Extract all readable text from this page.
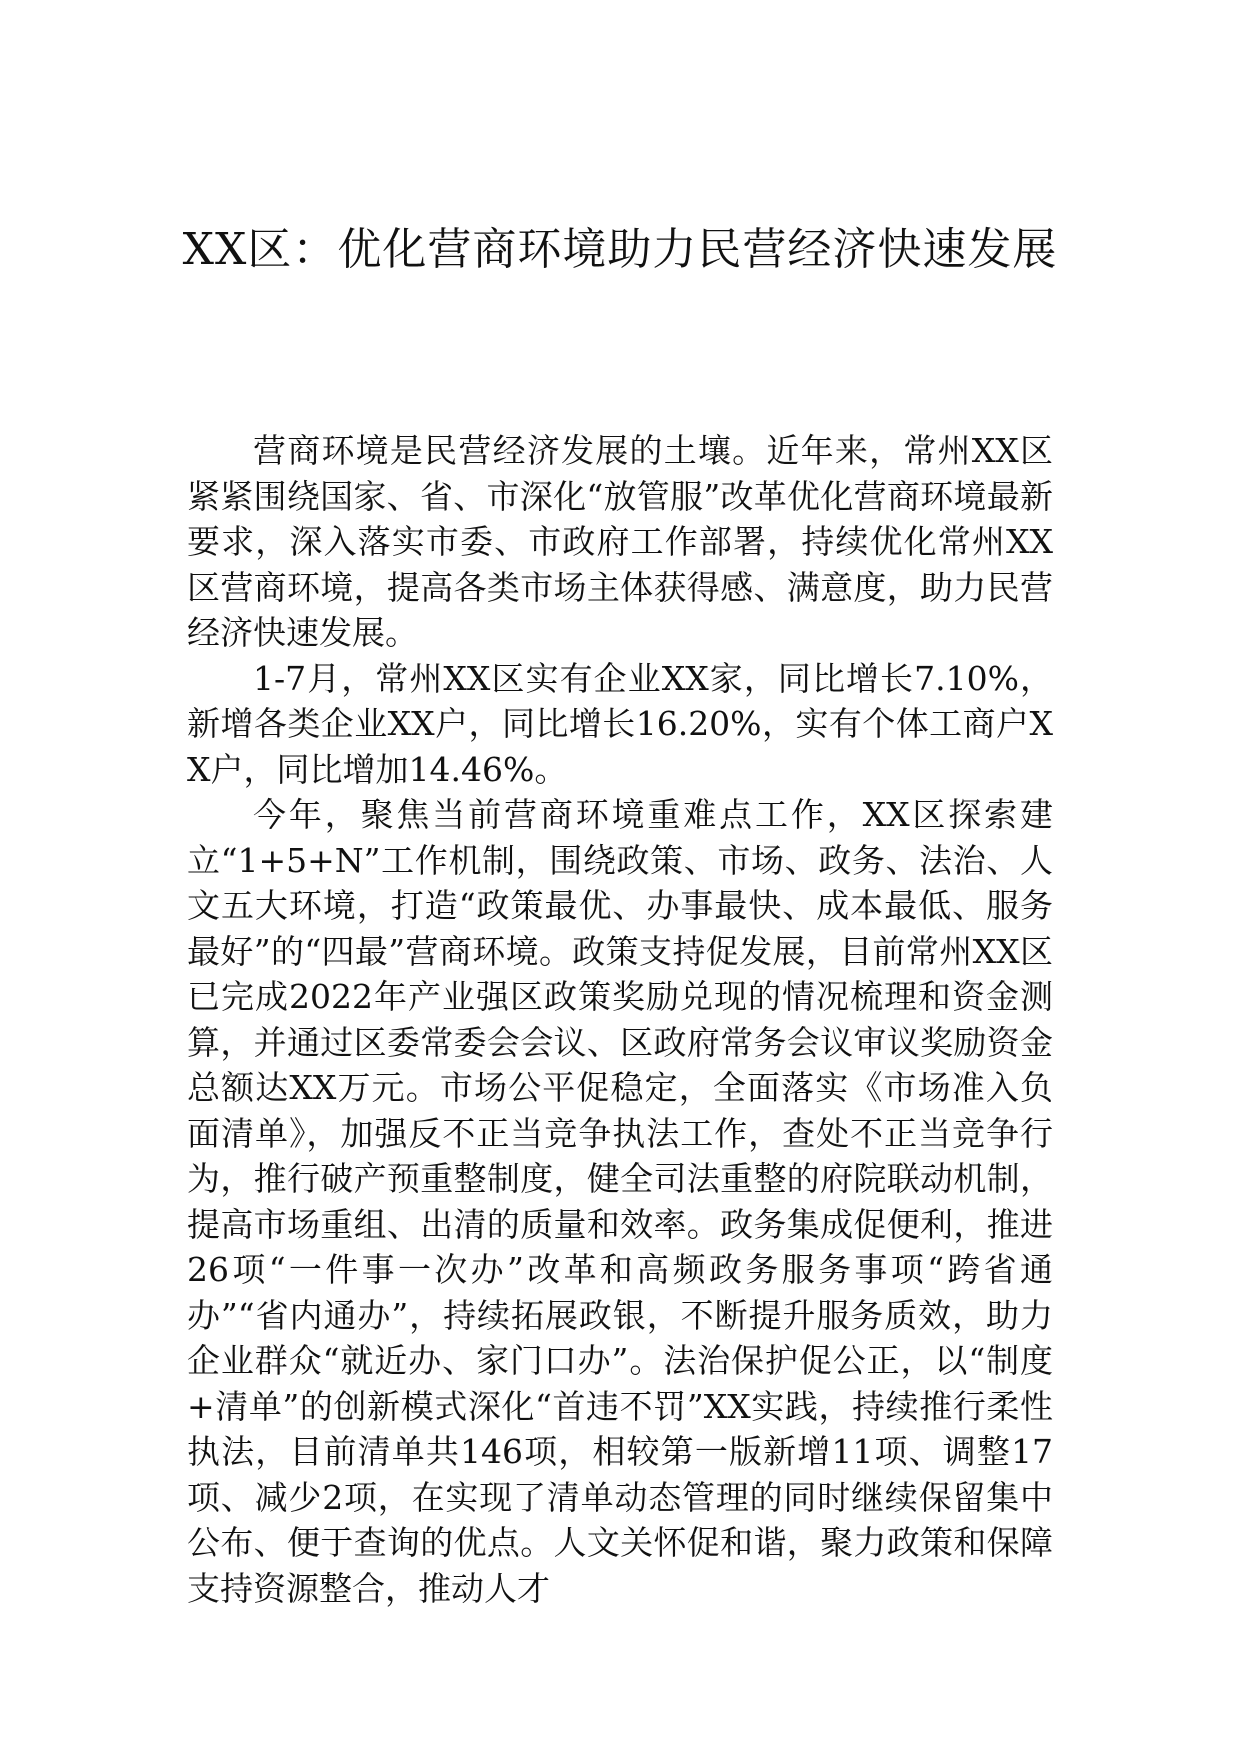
XX区：优化营商环境助力民营经济快速发展

营商环境是民营经济发展的土壤。近年来，常州XX区紧紧围绕国家、省、市深化“放管服”改革优化营商环境最新要求，深入落实市委、市政府工作部署，持续优化常州XX区营商环境，提高各类市场主体获得感、满意度，助力民营经济快速发展。

1-7月，常州XX区实有企业XX家，同比增长7.10%，新增各类企业XX户，同比增长16.20%，实有个体工商户XX户，同比增加14.46%。

今年，聚焦当前营商环境重难点工作，XX区探索建立“1+5+N”工作机制，围绕政策、市场、政务、法治、人文五大环境，打造“政策最优、办事最快、成本最低、服务最好”的“四最”营商环境。政策支持促发展，目前常州XX区已完成2022年产业强区政策奖励兑现的情况梳理和资金测算，并通过区委常委会会议、区政府常务会议审议奖励资金总额达XX万元。市场公平促稳定，全面落实《市场准入负面清单》，加强反不正当竞争执法工作，查处不正当竞争行为，推行破产预重整制度，健全司法重整的府院联动机制，提高市场重组、出清的质量和效率。政务集成促便利，推进26项“一件事一次办”改革和高频政务服务事项“跨省通办”“省内通办”，持续拓展政银，不断提升服务质效，助力企业群众“就近办、家门口办”。法治保护促公正，以“制度+清单”的创新模式深化“首违不罚”XX实践，持续推行柔性执法，目前清单共146项，相较第一版新增11项、调整17项、减少2项，在实现了清单动态管理的同时继续保留集中公布、便于查询的优点。人文关怀促和谐，聚力政策和保障支持资源整合，推动人才
